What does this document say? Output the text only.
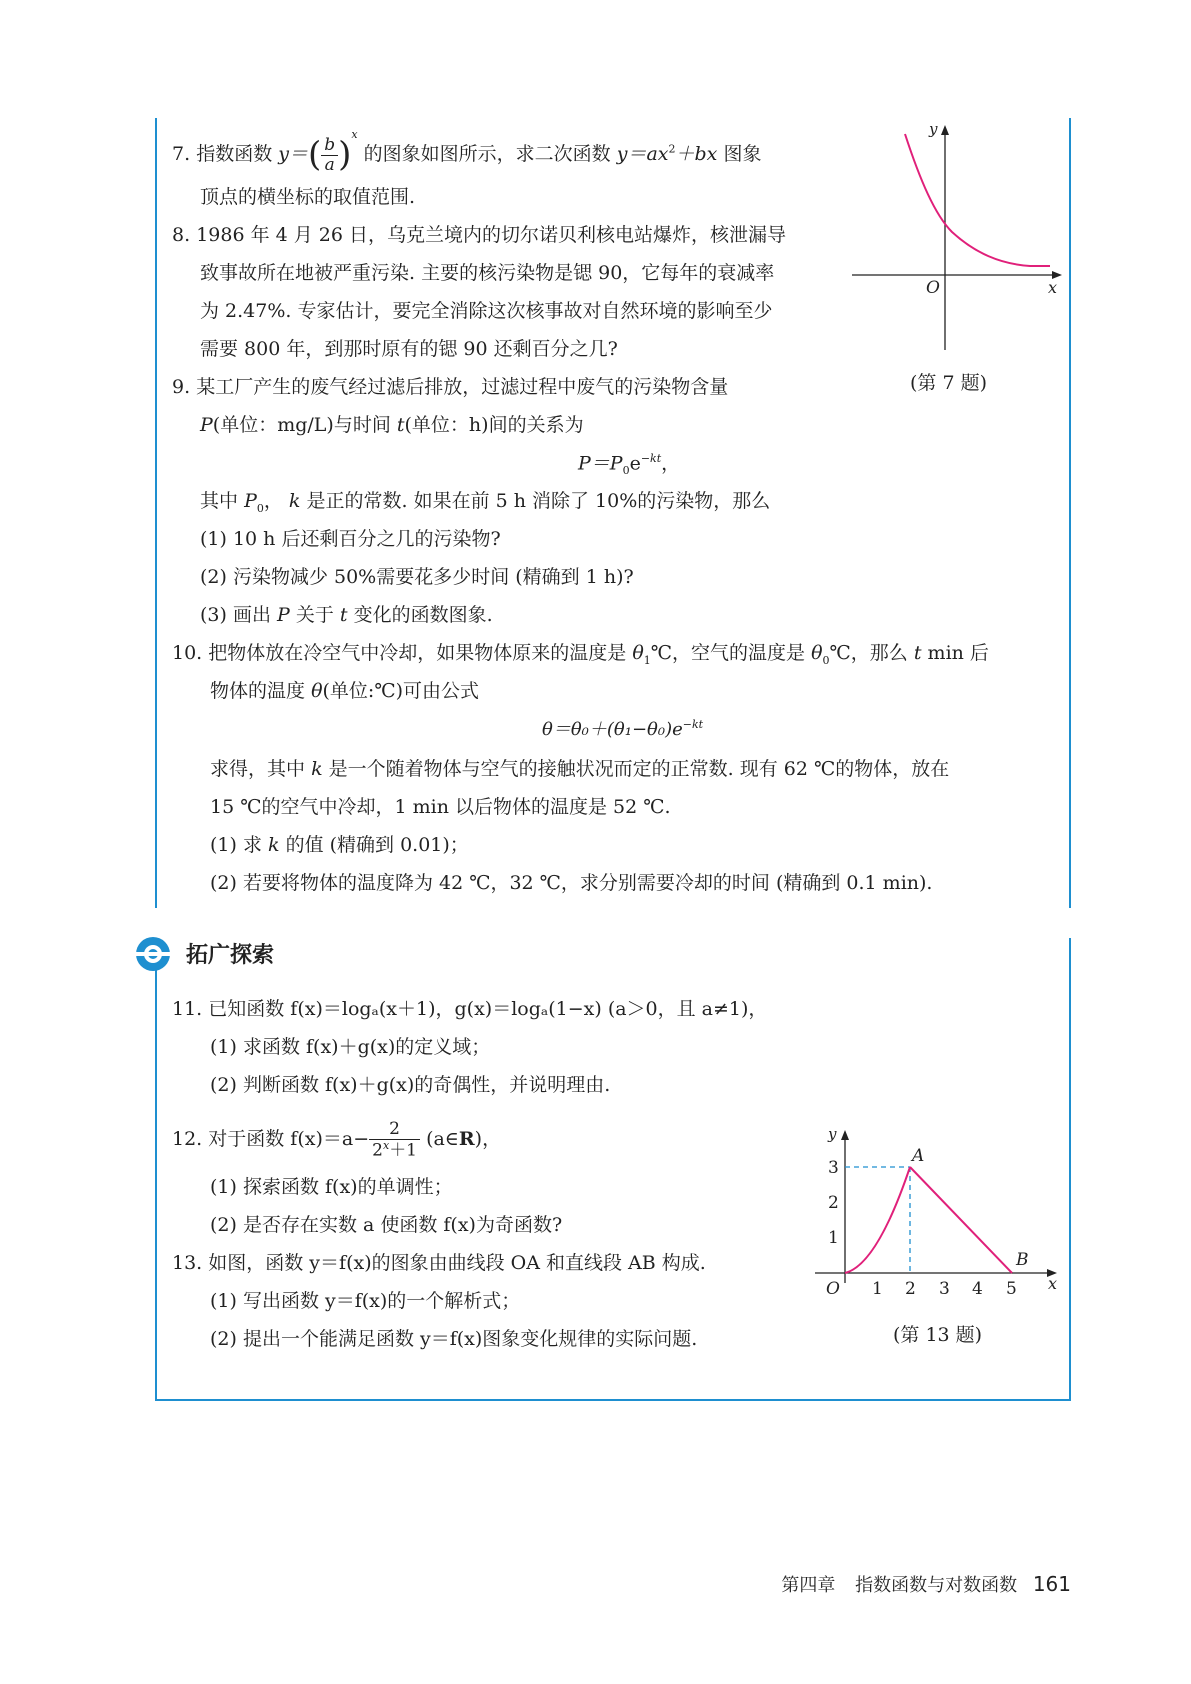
7. 指数函数 $y=( \frac{b}{a} )^x$ 的图象如图所示，求二次函数 $y=ax^2+bx$ 图象
顶点的横坐标的取值范围.
8. 1986 年 4 月 26 日，乌克兰境内的切尔诺贝利核电站爆炸，核泄漏导
致事故所在地被严重污染. 主要的核污染物是锶 90，它每年的衰减率
为 2.47%. 专家估计，要完全消除这次核事故对自然环境的影响至少
需要 800 年，到那时原有的锶 90 还剩百分之几?
y
x
O
(第 7 题)
9. 某工厂产生的废气经过滤后排放，过滤过程中废气的污染物含量
P(单位：mg/L)与时间 t(单位：h)间的关系为
$P=P_0e^{-kt}$，
其中 $P_0$， k 是正的常数. 如果在前 5 h 消除了 10%的污染物，那么
(1) 10 h 后还剩百分之几的污染物?
(2) 污染物减少 50%需要花多少时间 (精确到 1 h)?
(3) 画出 P 关于 t 变化的函数图象.
10. 把物体放在冷空气中冷却，如果物体原来的温度是 $\theta_1℃$，空气的温度是 $\theta_0℃$，那么 t min 后
物体的温度 θ(单位:℃)可由公式
$\theta=\theta_0+(\theta_1-\theta_0)e^{-kt}$
求得，其中 k 是一个随着物体与空气的接触状况而定的正常数. 现有 62 ℃的物体，放在
15 ℃的空气中冷却，1 min 以后物体的温度是 52 ℃.
(1) 求 k 的值 (精确到 0.01)；
(2) 若要将物体的温度降为 42 ℃，32 ℃，求分别需要冷却的时间 (精确到 0.1 min).
拓广探索
11. 已知函数 f(x)＝logₐ(x＋1)，g(x)＝logₐ(1−x) (a＞0，且 a≠1)，
(1) 求函数 f(x)＋g(x)的定义域；
(2) 判断函数 f(x)＋g(x)的奇偶性，并说明理由.
12. 对于函数 $f(x)=a- \frac{2}{2^x+1}$ (a∈R)，
(1) 探索函数 f(x)的单调性；
(2) 是否存在实数 a 使函数 f(x)为奇函数?
13. 如图，函数 y＝f(x)的图象由曲线段 OA 和直线段 AB 构成.
(1) 写出函数 y＝f(x)的一个解析式；
(2) 提出一个能满足函数 y＝f(x)图象变化规律的实际问题.
y
3
2
1
O 1 2 3 4 5 x
A
B
(第 13 题)
第四章 指数函数与对数函数 161
